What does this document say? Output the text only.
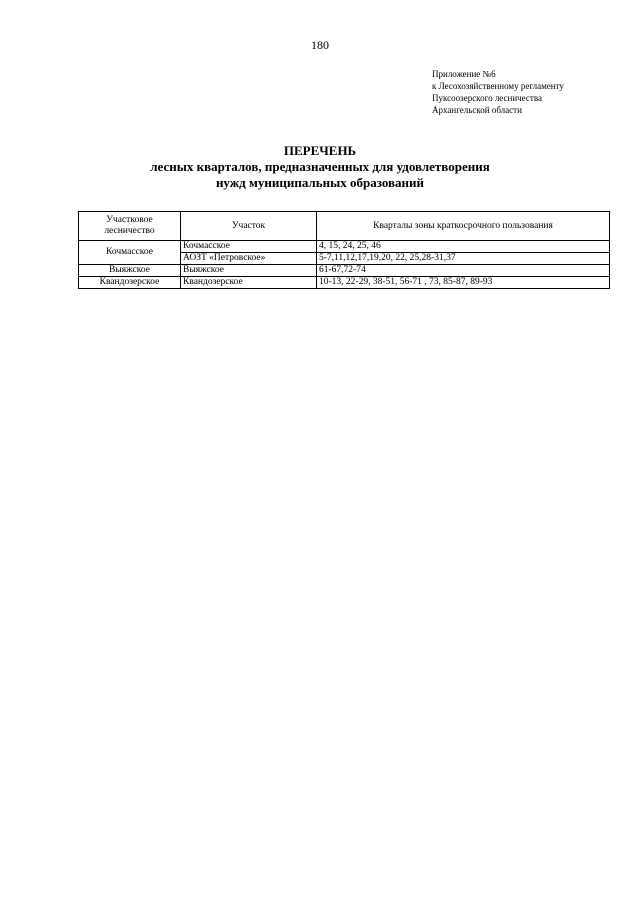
180
Приложение №6
к Лесохозяйственному регламенту
Пуксоозерского лесничества
Архангельской области
ПЕРЕЧЕНЬ
лесных кварталов, предназначенных для удовлетворения
нужд муниципальных образований
Участковое
лесничество	Участок	Кварталы зоны краткосрочного пользования
Кочмасское	Кочмасское	4, 15, 24, 25, 46
	АОЗТ «Петровское»	5-7,11,12,17,19,20, 22, 25,28-31,37
Выяжское	Выяжское	61-67,72-74
Квандозерское	Квандозерское	10-13, 22-29, 38-51, 56-71 , 73, 85-87, 89-93
